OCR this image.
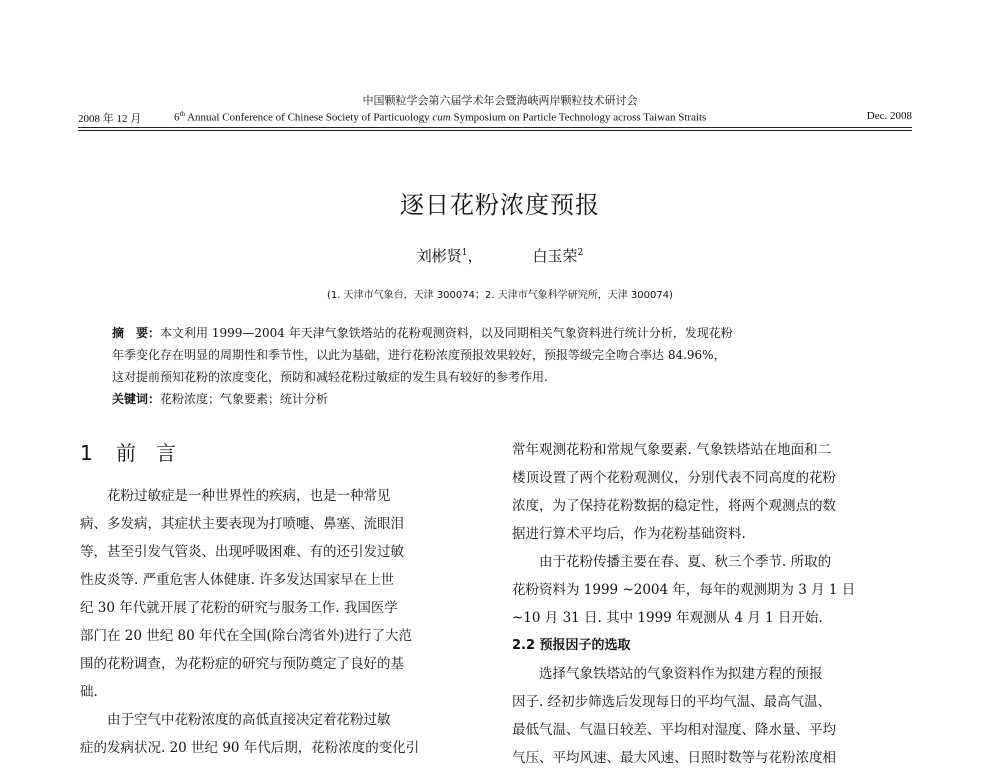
中国颗粒学会第六届学术年会暨海峡两岸颗粒技术研讨会
2008 年 12 月	6th Annual Conference of Chinese Society of Particuology cum Symposium on Particle Technology across Taiwan Straits	Dec. 2008
逐日花粉浓度预报
刘彬贤$^1$，	白玉荣$^2$
(1. 天津市气象台，天津 300074；2. 天津市气象科学研究所，天津 300074)
摘　要：本文利用 1999—2004 年天津气象铁塔站的花粉观测资料，以及同期相关气象资料进行统计分析，发现花粉
年季变化存在明显的周期性和季节性，以此为基础，进行花粉浓度预报效果较好，预报等级完全吻合率达 84.96%，
这对提前预知花粉的浓度变化，预防和减轻花粉过敏症的发生具有较好的参考作用.
关键词：花粉浓度；气象要素；统计分析
1 前　言
花粉过敏症是一种世界性的疾病，也是一种常见
病、多发病，其症状主要表现为打喷嚏、鼻塞、流眼泪
等，甚至引发气管炎、出现呼吸困难、有的还引发过敏
性皮炎等. 严重危害人体健康. 许多发达国家早在上世
纪 30 年代就开展了花粉的研究与服务工作. 我国医学
部门在 20 世纪 80 年代在全国(除台湾省外)进行了大范
围的花粉调查，为花粉症的研究与预防奠定了良好的基
础.
由于空气中花粉浓度的高低直接决定着花粉过敏
症的发病状况. 20 世纪 90 年代后期，花粉浓度的变化引
常年观测花粉和常规气象要素. 气象铁塔站在地面和二
楼顶设置了两个花粉观测仪，分别代表不同高度的花粉
浓度，为了保持花粉数据的稳定性，将两个观测点的数
据进行算术平均后，作为花粉基础资料.
由于花粉传播主要在春、夏、秋三个季节. 所取的
花粉资料为 1999 ~2004 年，每年的观测期为 3 月 1 日
~10 月 31 日. 其中 1999 年观测从 4 月 1 日开始.
2.2 预报因子的选取
选择气象铁塔站的气象资料作为拟建方程的预报
因子. 经初步筛选后发现每日的平均气温、最高气温、
最低气温、气温日较差、平均相对湿度、降水量、平均
气压、平均风速、最大风速、日照时数等与花粉浓度相
